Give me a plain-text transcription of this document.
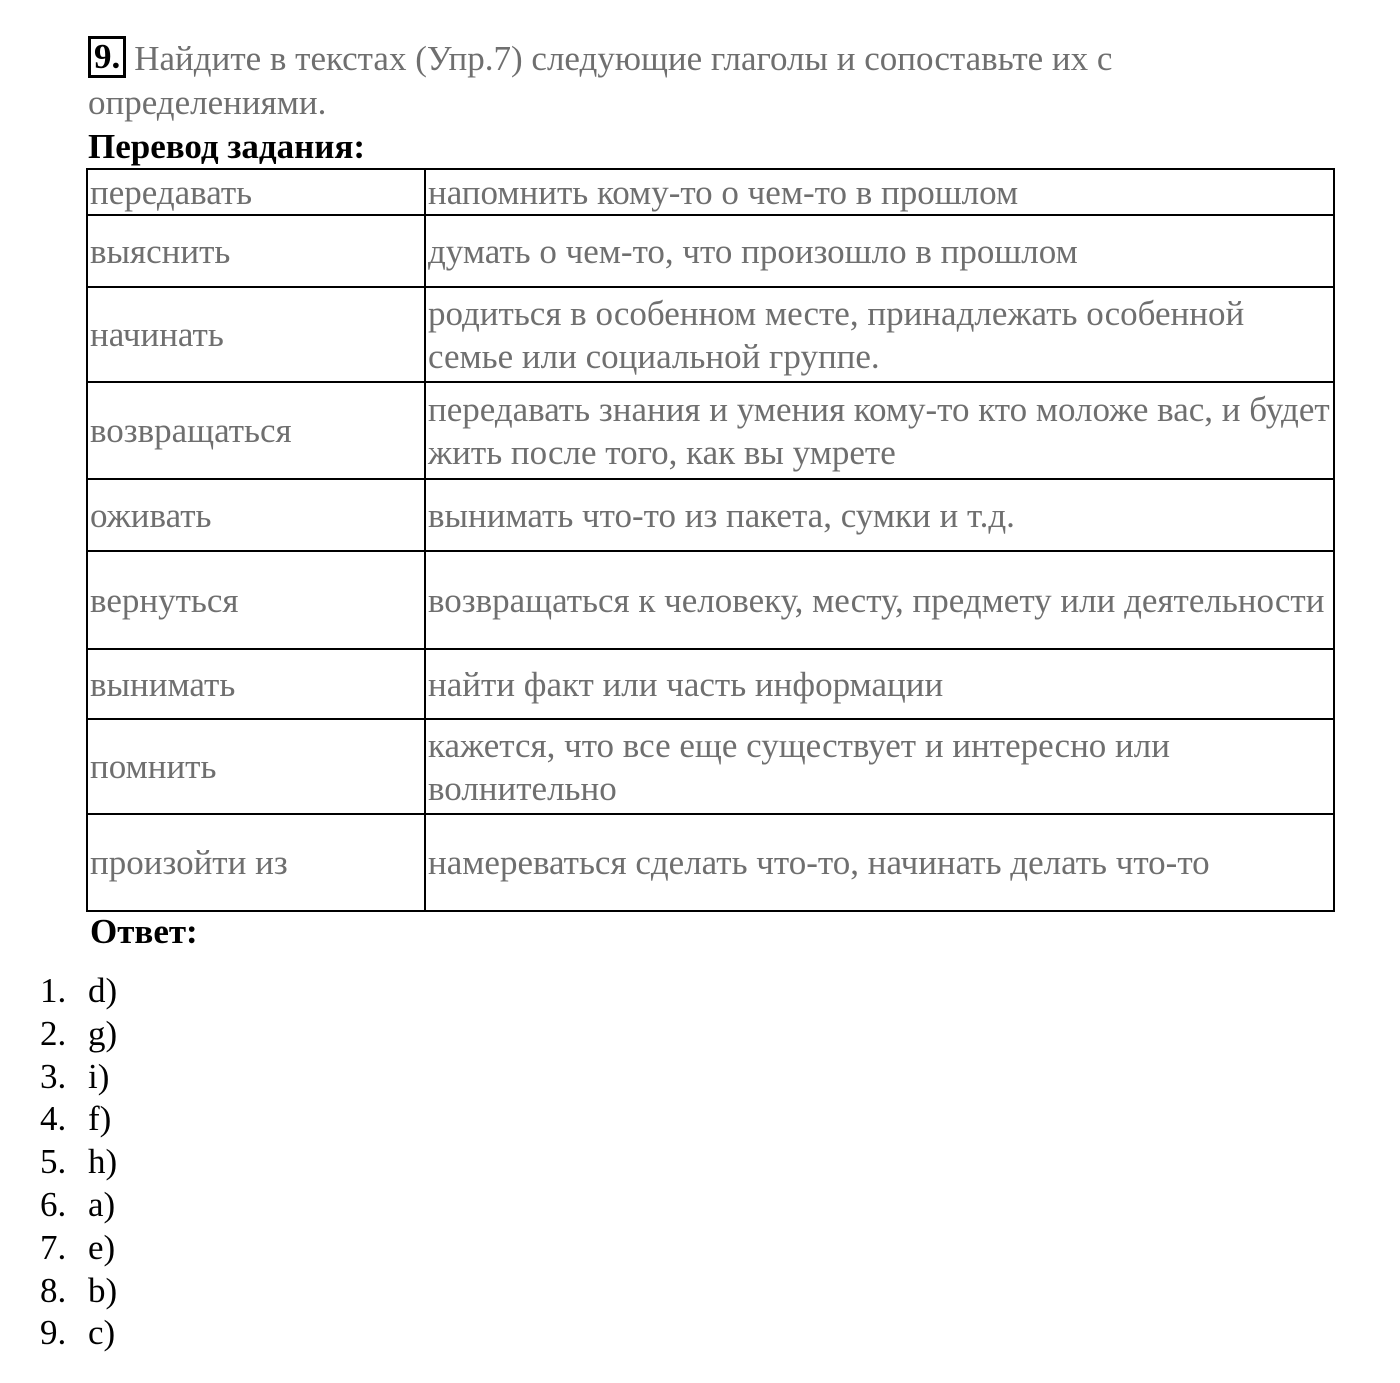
9. Найдите в текстах (Упр.7) следующие глаголы и сопоставьте их с определениями.
Перевод задания:
передавать	напомнить кому-то о чем-то в прошлом
выяснить	думать о чем-то, что произошло в прошлом
начинать	родиться в особенном месте, принадлежать особенной семье или социальной группе.
возвращаться	передавать знания и умения кому-то кто моложе вас, и будет жить после того, как вы умрете
оживать	вынимать что-то из пакета, сумки и т.д.
вернуться	возвращаться к человеку, месту, предмету или деятельности
вынимать	найти факт или часть информации
помнить	кажется, что все еще существует и интересно или волнительно
произойти из	намереваться сделать что-то, начинать делать что-то
Ответ:
1. d)
2. g)
3. i)
4. f)
5. h)
6. a)
7. e)
8. b)
9. c)
